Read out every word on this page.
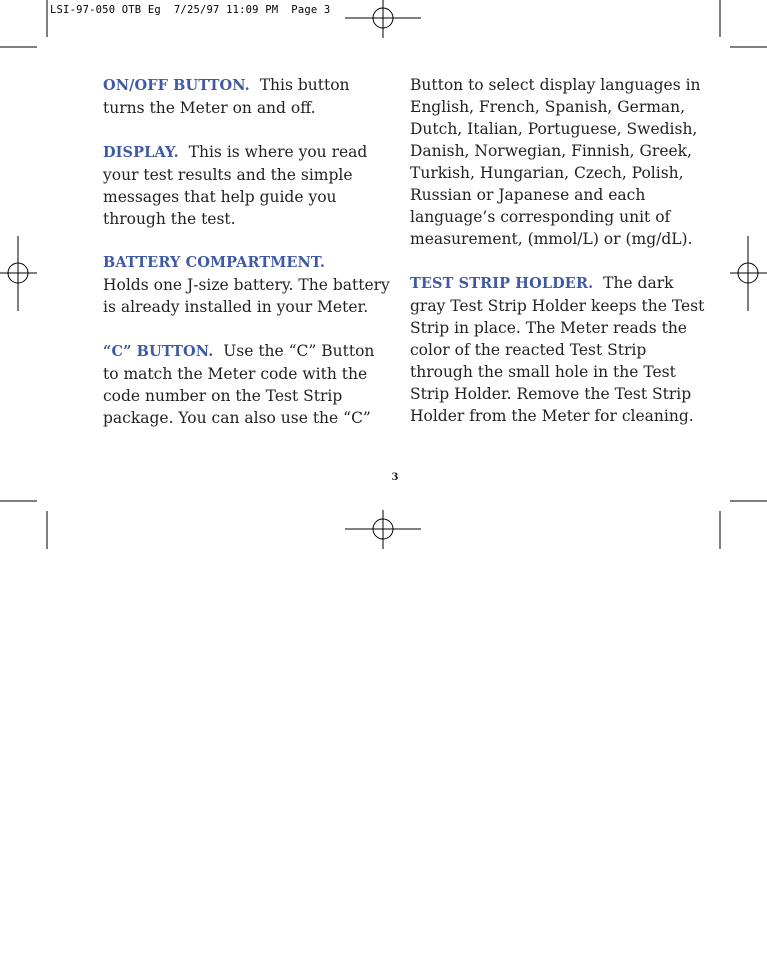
LSI-97-050 OTB Eg  7/25/97 11:09 PM  Page 3
ON/OFF BUTTON. This button
turns the Meter on and off.
DISPLAY. This is where you read
your test results and the simple
messages that help guide you
through the test.
BATTERY COMPARTMENT.
Holds one J-size battery. The battery
is already installed in your Meter.
“C” BUTTON. Use the “C” Button
to match the Meter code with the
code number on the Test Strip
package. You can also use the “C”
Button to select display languages in
English, French, Spanish, German,
Dutch, Italian, Portuguese, Swedish,
Danish, Norwegian, Finnish, Greek,
Turkish, Hungarian, Czech, Polish,
Russian or Japanese and each
language’s corresponding unit of
measurement, (mmol/L) or (mg/dL).
TEST STRIP HOLDER. The dark
gray Test Strip Holder keeps the Test
Strip in place. The Meter reads the
color of the reacted Test Strip
through the small hole in the Test
Strip Holder. Remove the Test Strip
Holder from the Meter for cleaning.
3
